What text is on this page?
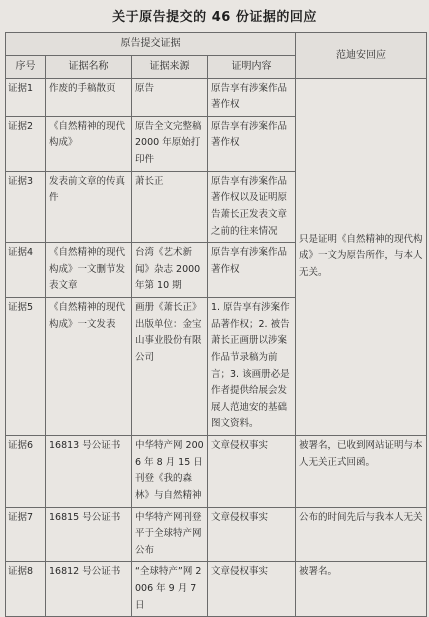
关于原告提交的 46 份证据的回应
原告提交证据				范迪安回应
序号	证据名称	证据来源	证明内容	
证据1	作废的手稿散页	原告	原告享有涉案作品著作权	只是证明《自然精神的现代构成》一文为原告所作，与本人无关。
证据2	《自然精神的现代构成》	原告全文完整稿 2000 年原始打印件	原告享有涉案作品著作权	
证据3	发表前文章的传真件	萧长正	原告享有涉案作品著作权以及证明原告萧长正发表文章之前的往来情况	
证据4	《自然精神的现代构成》一文删节发表文章	台湾《艺术新闻》杂志 2000 年第 10 期	原告享有涉案作品著作权	
证据5	《自然精神的现代构成》一文发表	画册《萧长正》出版单位：金宝山事业股份有限公司	1. 原告享有涉案作品著作权；2. 被告萧长正画册以涉案作品节录稿为前言；3. 该画册必是作者提供给展会发展人范迪安的基础图文资料。	
证据6	16813 号公证书	中华特产网 2006 年 8 月 15 日刊登《我的森林》与自然精神	文章侵权事实	被署名，已收到网站证明与本人无关正式回函。
证据7	16815 号公证书	中华特产网刊登平于全球特产网公布	文章侵权事实	公布的时间先后与我本人无关
证据8	16812 号公证书	“全球特产”网 2006 年 9 月 7 日	文章侵权事实	被署名。
